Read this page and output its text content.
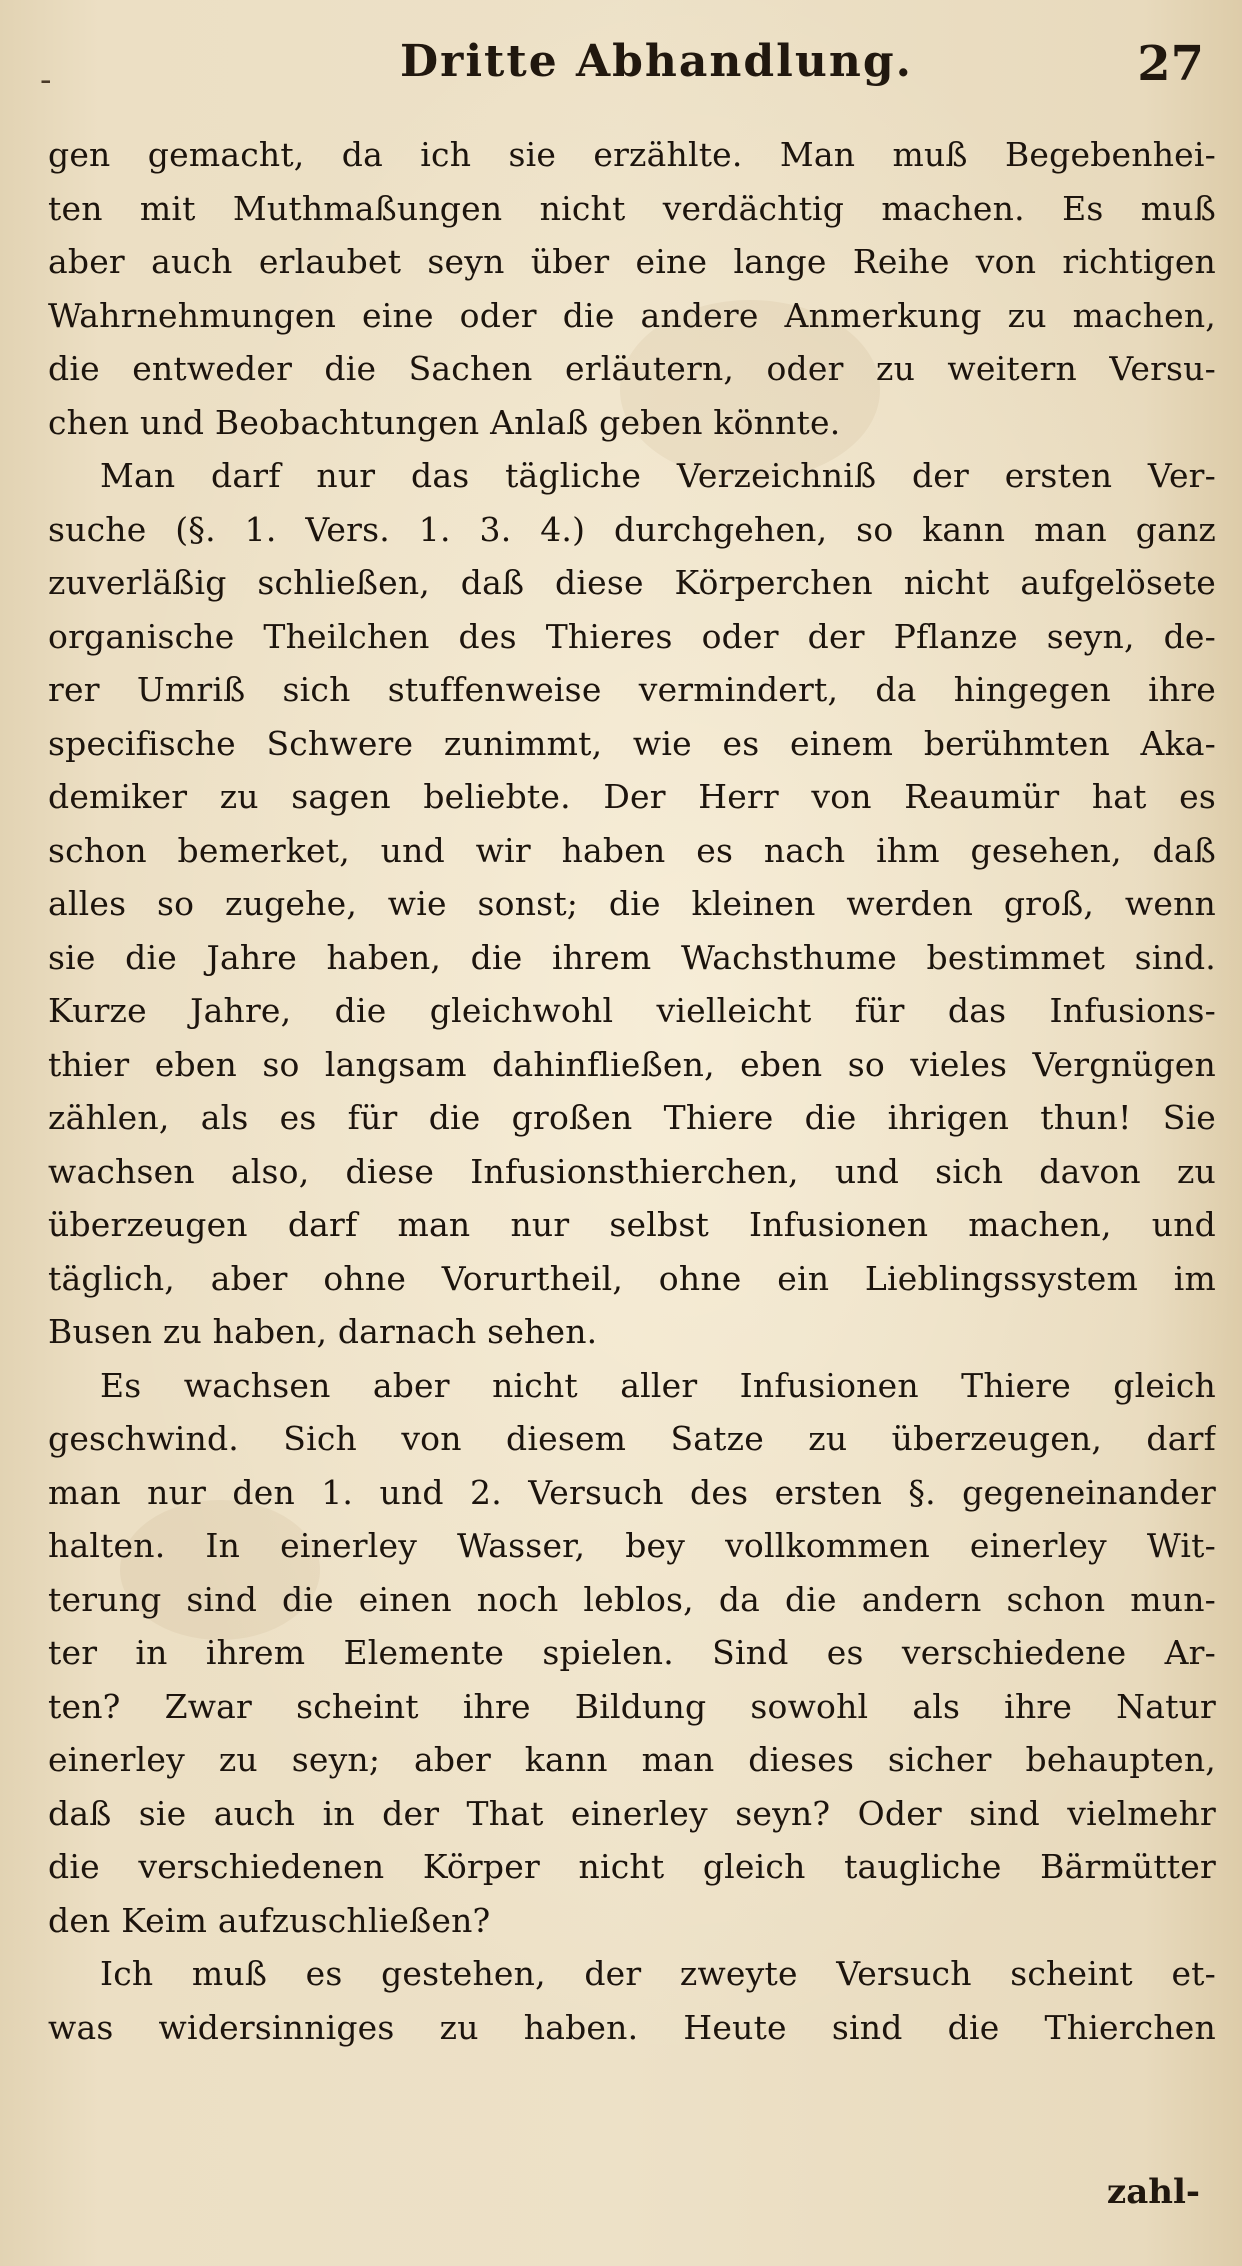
-	Dritte Abhandlung.	27
gen gemacht, da ich sie erzählte. Man muß Begebenhei-
ten mit Muthmaßungen nicht verdächtig machen. Es muß
aber auch erlaubet seyn über eine lange Reihe von richtigen
Wahrnehmungen eine oder die andere Anmerkung zu machen,
die entweder die Sachen erläutern, oder zu weitern Versu-
chen und Beobachtungen Anlaß geben könnte.
Man darf nur das tägliche Verzeichniß der ersten Ver-
suche (§. 1. Vers. 1. 3. 4.) durchgehen, so kann man ganz
zuverläßig schließen, daß diese Körperchen nicht aufgelösete
organische Theilchen des Thieres oder der Pflanze seyn, de-
rer Umriß sich stuffenweise vermindert, da hingegen ihre
specifische Schwere zunimmt, wie es einem berühmten Aka-
demiker zu sagen beliebte. Der Herr von Reaumür hat es
schon bemerket, und wir haben es nach ihm gesehen, daß
alles so zugehe, wie sonst; die kleinen werden groß, wenn
sie die Jahre haben, die ihrem Wachsthume bestimmet sind.
Kurze Jahre, die gleichwohl vielleicht für das Infusions-
thier eben so langsam dahinfließen, eben so vieles Vergnügen
zählen, als es für die großen Thiere die ihrigen thun! Sie
wachsen also, diese Infusionsthierchen, und sich davon zu
überzeugen darf man nur selbst Infusionen machen, und
täglich, aber ohne Vorurtheil, ohne ein Lieblingssystem im
Busen zu haben, darnach sehen.
Es wachsen aber nicht aller Infusionen Thiere gleich
geschwind. Sich von diesem Satze zu überzeugen, darf
man nur den 1. und 2. Versuch des ersten §. gegeneinander
halten. In einerley Wasser, bey vollkommen einerley Wit-
terung sind die einen noch leblos, da die andern schon mun-
ter in ihrem Elemente spielen. Sind es verschiedene Ar-
ten? Zwar scheint ihre Bildung sowohl als ihre Natur
einerley zu seyn; aber kann man dieses sicher behaupten,
daß sie auch in der That einerley seyn? Oder sind vielmehr
die verschiedenen Körper nicht gleich taugliche Bärmütter
den Keim aufzuschließen?
Ich muß es gestehen, der zweyte Versuch scheint et-
was widersinniges zu haben. Heute sind die Thierchen
zahl-
